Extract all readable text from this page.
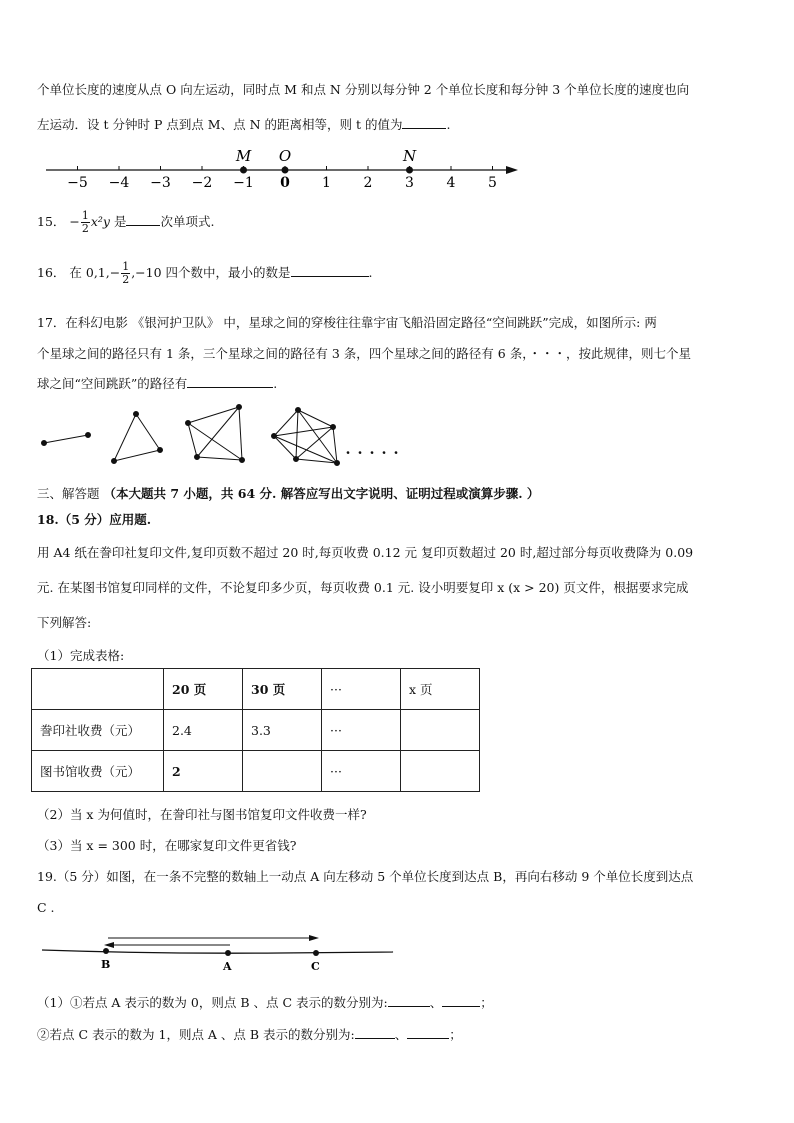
个单位长度的速度从点 O 向左运动，同时点 M 和点 N 分别以每分钟 2 个单位长度和每分钟 3 个单位长度的速度也向
左运动．设 t 分钟时 P 点到点 M、点 N 的距离相等，则 t 的值为	.
−5 −4 −3 −2 −1 0 1 2 3 4 5
M O	N
15． − $\frac{1}{2} x^2y$ 是	次单项式.
16． 在 $0,1,- \frac{1}{2} ,-10$ 四个数中，最小的数是	.
17．在科幻电影 《银河护卫队》 中，星球之间的穿梭往往靠宇宙飞船沿固定路径“空间跳跃”完成，如图所示: 两
个星球之间的路径只有 1 条，三个星球之间的路径有 3 条，四个星球之间的路径有 6 条，・・・，按此规律，则七个星
球之间“空间跳跃”的路径有	.
・・・・・
三、解答题 （本大题共 7 小题，共 64 分. 解答应写出文字说明、证明过程或演算步骤. ）
18.（5 分）应用题.
用 A4 纸在誊印社复印文件,复印页数不超过 20 时,每页收费 0.12 元 复印页数超过 20 时,超过部分每页收费降为 0.09
元. 在某图书馆复印同样的文件，不论复印多少页，每页收费 0.1 元. 设小明要复印 x (x > 20) 页文件，根据要求完成
下列解答:
（1）完成表格:
	20 页	30 页	···	x 页
誊印社收费（元）	2.4	3.3	···	
图书馆收费（元）	2		···	
（2）当 x 为何值时，在誊印社与图书馆复印文件收费一样?
（3）当 x = 300 时，在哪家复印文件更省钱?
19.（5 分）如图，在一条不完整的数轴上一动点 A 向左移动 5 个单位长度到达点 B，再向右移动 9 个单位长度到达点
C .
B	A	C
（1）①若点 A 表示的数为 0，则点 B 、点 C 表示的数分别为:	、	；
②若点 C 表示的数为 1，则点 A 、点 B 表示的数分别为:	、	；
